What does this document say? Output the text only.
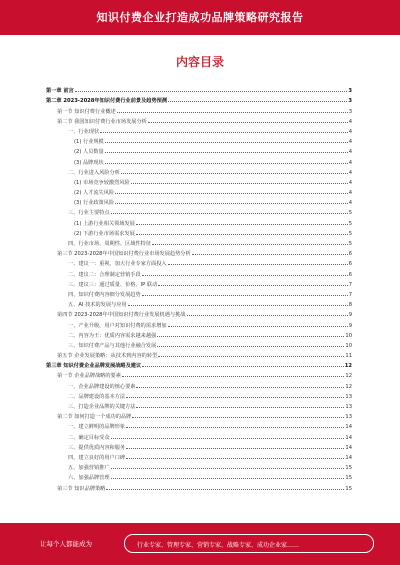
知识付费企业打造成功品牌策略研究报告
内容目录
第一章 前言	3
第二章 2023-2028年知识付费行业前景及趋势预测	3
第一节 知识付费行业概述	3
第二节 我国知识付费行业市场发展分析	4
一、行业现状	4
(1) 行业规模	4
(2) 人员数量	4
(3) 品牌现状	4
二、行业进入风险分析	4
(1) 市场竞争较激烈风险	4
(2) 人才流失风险	4
(3) 行业政策风险	4
三、行业主要特点	5
(1) 上游行业相关领域发展	5
(2) 下游行业市场需求发展	5
四、行业市场、周期性、区域性特征	5
第三节 2023-2028年中国知识付费行业市场发展趋势分析	6
一、建议一：重视、加大行业专家方面投入	6
二、建议二：合理制定营销手段	6
三、建议三：通过质量、价格、IP 联动	7
四、知识付费内容细分发展趋势	7
五、AI 技术的发展与应用	8
第四节 2023-2028年中国知识付费行业发展机遇与挑战	9
一、产业升级，用户对知识付费的需求增加	9
二、内容为王：优质内容需求越来越强	10
三、知识付费产品与其他行业融合发展	10
第五节 企业发展策略：从技术到内容的转型	11
第三章 知识付费企业品牌发展战略及建议	12
第一节 企业品牌战略的要素	12
一、企业品牌建设的核心要素	12
二、品牌建设的基本方法	13
三、打造企业品牌的关键方法	13
第二节 如何打造一个成功的品牌	13
一、建立鲜明的品牌形象	14
二、确定目标受众	14
三、提供优质内容和服务	14
四、建立良好的用户口碑	14
五、加强营销推广	15
六、加强品牌管理	15
第三节 知识品牌策略	15
让每个人都能成为	行业专家、管理专家、营销专家、战略专家、成功企业家……
